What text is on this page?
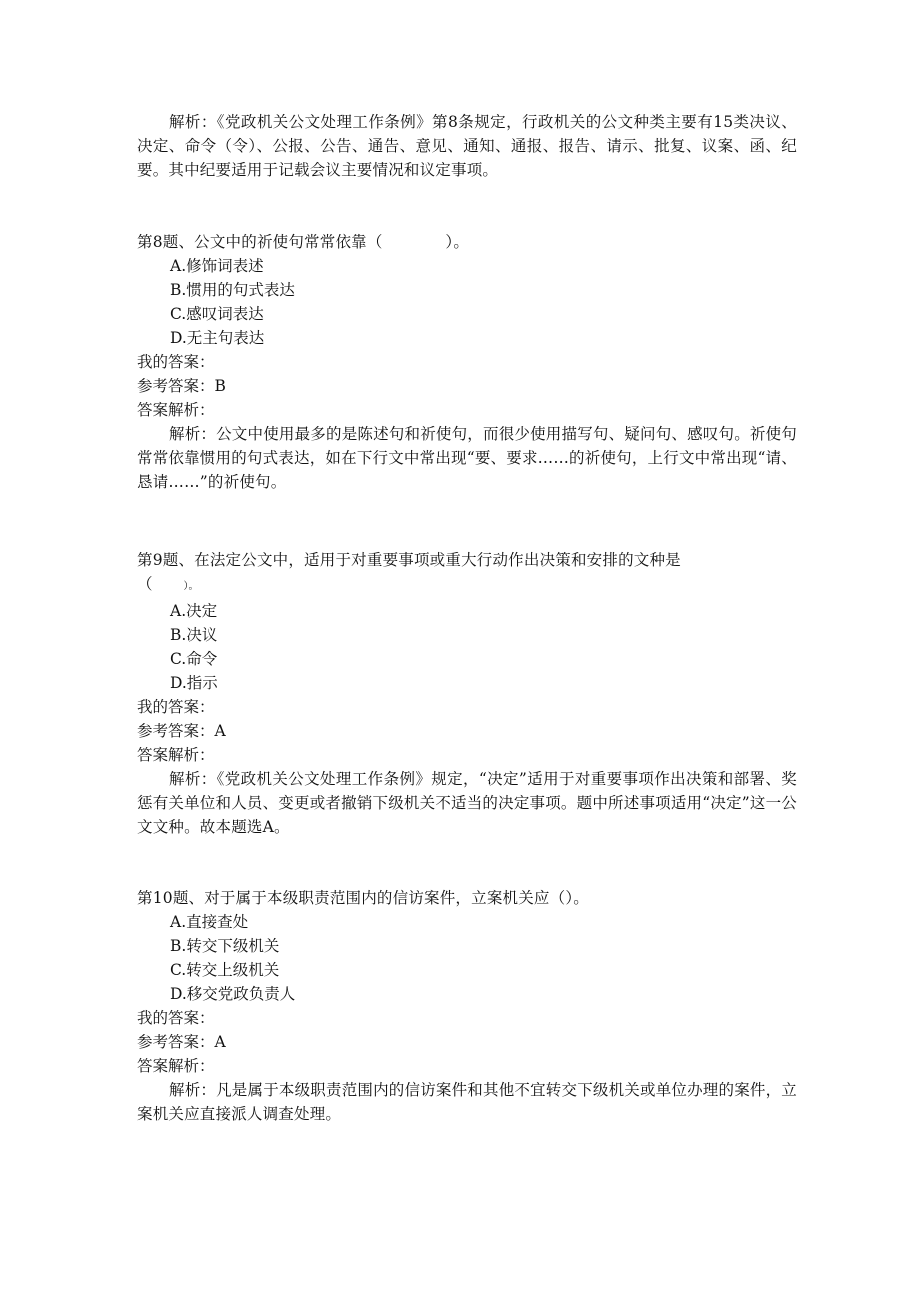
解析：《党政机关公文处理工作条例》第8条规定，行政机关的公文种类主要有15类决议、决定、命令（令）、公报、公告、通告、意见、通知、通报、报告、请示、批复、议案、函、纪要。其中纪要适用于记载会议主要情况和议定事项。

第8题、公文中的祈使句常常依靠（　　　　）。

A.修饰词表述

B.惯用的句式表达

C.感叹词表达

D.无主句表达

我的答案：

参考答案：B

答案解析：

解析：公文中使用最多的是陈述句和祈使句，而很少使用描写句、疑问句、感叹句。祈使句常常依靠惯用的句式表达，如在下行文中常出现“要、要求……的祈使句，上行文中常出现“请、恳请……”的祈使句。

第9题、在法定公文中，适用于对重要事项或重大行动作出决策和安排的文种是

（　　）。

A.决定

B.决议

C.命令

D.指示

我的答案：

参考答案：A

答案解析：

解析：《党政机关公文处理工作条例》规定，“决定”适用于对重要事项作出决策和部署、奖惩有关单位和人员、变更或者撤销下级机关不适当的决定事项。题中所述事项适用“决定”这一公文文种。故本题选A。

第10题、对于属于本级职责范围内的信访案件，立案机关应（）。

A.直接查处

B.转交下级机关

C.转交上级机关

D.移交党政负责人

我的答案：

参考答案：A

答案解析：

解析：凡是属于本级职责范围内的信访案件和其他不宜转交下级机关或单位办理的案件，立案机关应直接派人调查处理。
